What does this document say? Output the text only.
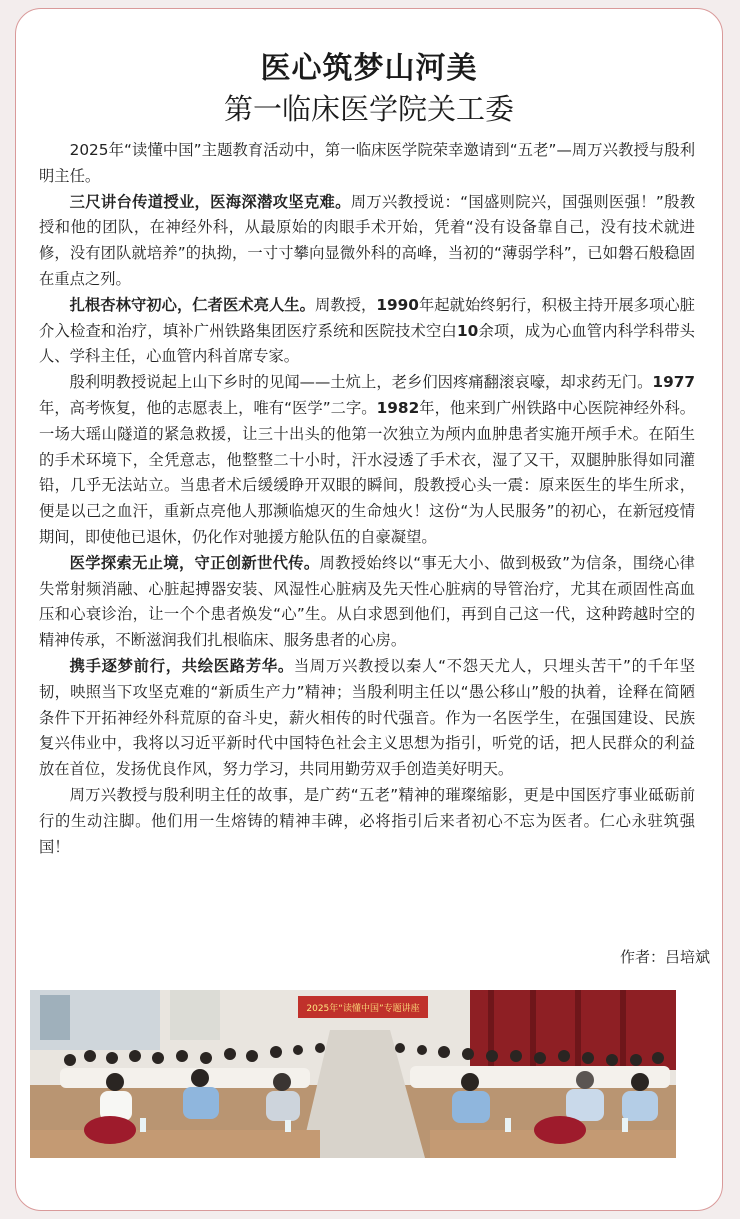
医心筑梦山河美
第一临床医学院关工委

2025年“读懂中国”主题教育活动中，第一临床医学院荣幸邀请到“五老”—周万兴教授与殷利明主任。

三尺讲台传道授业，医海深潜攻坚克难。周万兴教授说：“国盛则院兴，国强则医强！”殷教授和他的团队，在神经外科，从最原始的肉眼手术开始，凭着“没有设备靠自己，没有技术就进修，没有团队就培养”的执拗，一寸寸攀向显微外科的高峰，当初的“薄弱学科”，已如磐石般稳固在重点之列。

扎根杏林守初心，仁者医术亮人生。周教授，1990年起就始终躬行，积极主持开展多项心脏介入检查和治疗，填补广州铁路集团医疗系统和医院技术空白10余项，成为心血管内科学科带头人、学科主任，心血管内科首席专家。

殷利明教授说起上山下乡时的见闻——土炕上，老乡们因疼痛翻滚哀嚎，却求药无门。1977年，高考恢复，他的志愿表上，唯有“医学”二字。1982年，他来到广州铁路中心医院神经外科。一场大瑶山隧道的紧急救援，让三十出头的他第一次独立为颅内血肿患者实施开颅手术。在陌生的手术环境下，全凭意志，他整整二十小时，汗水浸透了手术衣，湿了又干，双腿肿胀得如同灌铅，几乎无法站立。当患者术后缓缓睁开双眼的瞬间，殷教授心头一震：原来医生的毕生所求，便是以己之血汗，重新点亮他人那濒临熄灭的生命烛火！这份“为人民服务”的初心，在新冠疫情期间，即使他已退休，仍化作对驰援方舱队伍的自豪凝望。

医学探索无止境，守正创新世代传。周教授始终以“事无大小、做到极致”为信条，围绕心律失常射频消融、心脏起搏器安装、风湿性心脏病及先天性心脏病的导管治疗，尤其在顽固性高血压和心衰诊治，让一个个患者焕发“心”生。从白求恩到他们，再到自己这一代，这种跨越时空的精神传承，不断滋润我们扎根临床、服务患者的心房。

携手逐梦前行，共绘医路芳华。当周万兴教授以秦人“不怨天尤人，只埋头苦干”的千年坚韧，映照当下攻坚克难的“新质生产力”精神；当殷利明主任以“愚公移山”般的执着，诠释在简陋条件下开拓神经外科荒原的奋斗史，薪火相传的时代强音。作为一名医学生，在强国建设、民族复兴伟业中，我将以习近平新时代中国特色社会主义思想为指引，听党的话，把人民群众的利益放在首位，发扬优良作风，努力学习，共同用勤劳双手创造美好明天。

周万兴教授与殷利明主任的故事，是广药“五老”精神的璀璨缩影，更是中国医疗事业砥砺前行的生动注脚。他们用一生熔铸的精神丰碑，必将指引后来者初心不忘为医者。仁心永驻筑强国！

作者：吕培斌
2025年“读懂中国”专题讲座
